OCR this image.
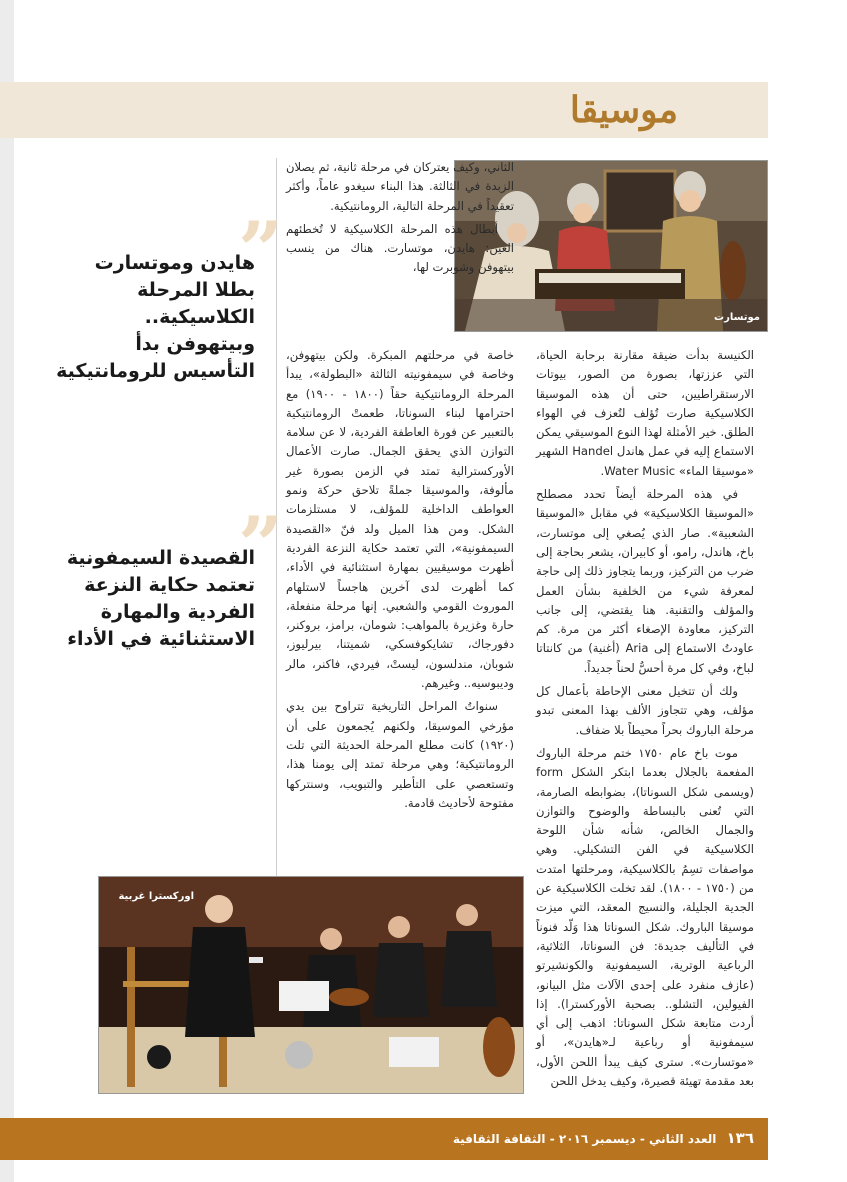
موسيقا
موتسارت

الثاني، وكيف يعتركان في مرحلة ثانية، ثم يصلان الزبدة في الثالثة. هذا البناء سيغدو عاماً، وأكثر تعقيداً في المرحلة التالية، الرومانتيكية.

أبطال هذه المرحلة الكلاسيكية لا تُخطئهم العين: هايدن، موتسارت. هناك من ينسب بيتهوفن وشوبرت لها،

الكنيسة بدأت ضيقة مقارنة برحابة الحياة، التي عززتها، بصورة من الصور، بيوتات الارستقراطيين، حتى أن هذه الموسيقا الكلاسيكية صارت تُؤلف لتُعزف في الهواء الطلق. خير الأمثلة لهذا النوع الموسيقي يمكن الاستماع إليه في عمل هاندل Handel الشهير «موسيقا الماء» Water Music.

في هذه المرحلة أيضاً تحدد مصطلح «الموسيقا الكلاسيكية» في مقابل «الموسيقا الشعبية». صار الذي يُصغي إلى موتسارت، باخ، هاندل، رامو، أو كابيران، يشعر بحاجة إلى ضرب من التركيز، وربما يتجاوز ذلك إلى حاجة لمعرفة شيء من الخلفية بشأن العمل والمؤلف والتقنية. هنا يقتضي، إلى جانب التركيز، معاودة الإصغاء أكثر من مرة. كم عاودتُ الاستماع إلى Aria (أغنية) من كانتاتا لباخ، وفي كل مرة أحسُّ لحناً جديداً.

ولك أن تتخيل معنى الإحاطة بأعمال كل مؤلف، وهي تتجاوز الألف بهذا المعنى تبدو مرحلة الباروك بحراً محيطاً بلا ضفاف.

موت باخ عام ١٧٥٠ ختم مرحلة الباروك المفعمة بالجلال بعدما ابتكر الشكل form (ويسمى شكل السوناتا)، بضوابطه الصارمة، التي تُعنى بالبساطة والوضوح والتوازن والجمال الخالص، شأنه شأن اللوحة الكلاسيكية في الفن التشكيلي. وهي مواصفات تسِمُ بالكلاسيكية، ومرحلتها امتدت من (١٧٥٠ - ١٨٠٠). لقد تخلت الكلاسيكية عن الجدية الجليلة، والنسيج المعقد، التي ميزت موسيقا الباروك. شكل السوناتا هذا وَلّد فنوناً في التأليف جديدة: فن السوناتا، الثلاثية، الرباعية الوترية، السيمفونية والكونشيرتو (عازف منفرد على إحدى الآلات مثل البيانو، الفيولين، التشلو.. بصحبة الأوركسترا). إذا أردت متابعة شكل السوناتا: اذهب إلى أي سيمفونية أو رباعية لـ«هايدن»، أو «موتسارت». سترى كيف يبدأ اللحن الأول، بعد مقدمة تهيئة قصيرة، وكيف يدخل اللحن

خاصة في مرحلتهم المبكرة. ولكن بيتهوفن، وخاصة في سيمفونيته الثالثة «البطولة»، يبدأ المرحلة الرومانتيكية حقاً (١٨٠٠ - ١٩٠٠) مع احترامها لبناء السوناتا، طعمتْ الرومانتيكية بالتعبير عن فورة العاطفة الفردية، لا عن سلامة التوازن الذي يحقق الجمال. صارت الأعمال الأوركسترالية تمتد في الزمن بصورة غير مألوفة، والموسيقا جملةً تلاحق حركة ونمو العواطف الداخلية للمؤلف، لا مستلزمات الشكل. ومن هذا الميل ولد فنّ «القصيدة السيمفونية»، التي تعتمد حكاية النزعة الفردية أظهرت موسيقيين بمهارة استثنائية في الأداء، كما أظهرت لدى آخرين هاجساً لاستلهام الموروث القومي والشعبي. إنها مرحلة منفعلة، حارة وغزيرة بالمواهب: شومان، برامز، بروكنر، دفورجاك، تشايكوفسكي، شميتنا، بيرليوز، شوبان، مندلسون، ليستْ، فيردي، فاكنر، مالر وديبوسيه.. وغيرهم.

سنواتُ المراحل التاريخية تتراوح بين يدي مؤرخي الموسيقا، ولكنهم يُجمعون على أن (١٩٢٠) كانت مطلع المرحلة الحديثة التي تلت الرومانتيكية؛ وهي مرحلة تمتد إلى يومنا هذا، وتستعصي على التأطير والتبويب، وسنتركها مفتوحة لأحاديث قادمة.

”
هايدن وموتسارت بطلا المرحلة الكلاسيكية.. وبيتهوفن بدأ التأسيس للرومانتيكية
”
القصيدة السيمفونية تعتمد حكاية النزعة الفردية والمهارة الاستثنائية في الأداء
اوركسترا غربية
١٣٦ العدد الثاني - ديسمبر ٢٠١٦ - الثقافة الثقافية
